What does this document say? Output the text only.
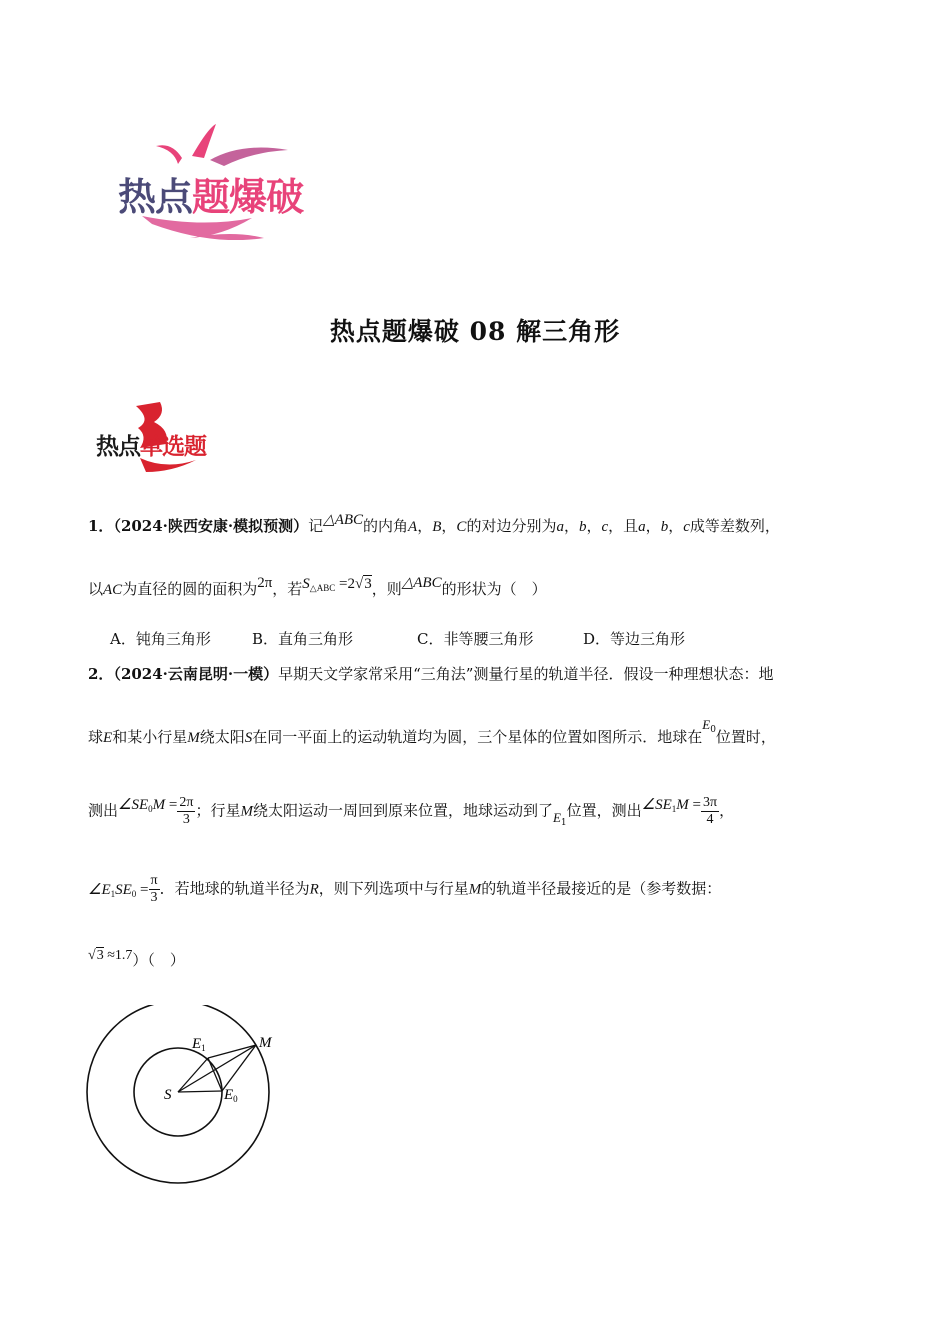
热点题爆破
热点题爆破 08 解三角形
热点单选题
1．（2024·陕西安康·模拟预测）记△ABC的内角A，B，C的对边分别为a，b，c，且a，b，c成等差数列，
以AC为直径的圆的面积为2π，若$S_{\triangle ABC} =2√3$，则△ABC的形状为（　）
A．钝角三角形	B．直角三角形	C．非等腰三角形	D．等边三角形
2．（2024·云南昆明·一模）早期天文学家常采用“三角法”测量行星的轨道半径．假设一种理想状态：地
球E和某小行星M绕太阳S在同一平面上的运动轨道均为圆，三个星体的位置如图所示．地球在$E_0$位置时，
测出$\angle SE_0M = \frac{2\pi}{3}$ ；行星M绕太阳运动一周回到原来位置，地球运动到了$E_1$位置，测出$\angle SE_1M = \frac{3\pi}{4}$ ，
$\angle E_1SE_0 = \frac{\pi}{3}$ ．若地球的轨道半径为R，则下列选项中与行星M的轨道半径最接近的是（参考数据：
√3 ≈1.7）（　）
$E_1$	M
S	$E_0$
